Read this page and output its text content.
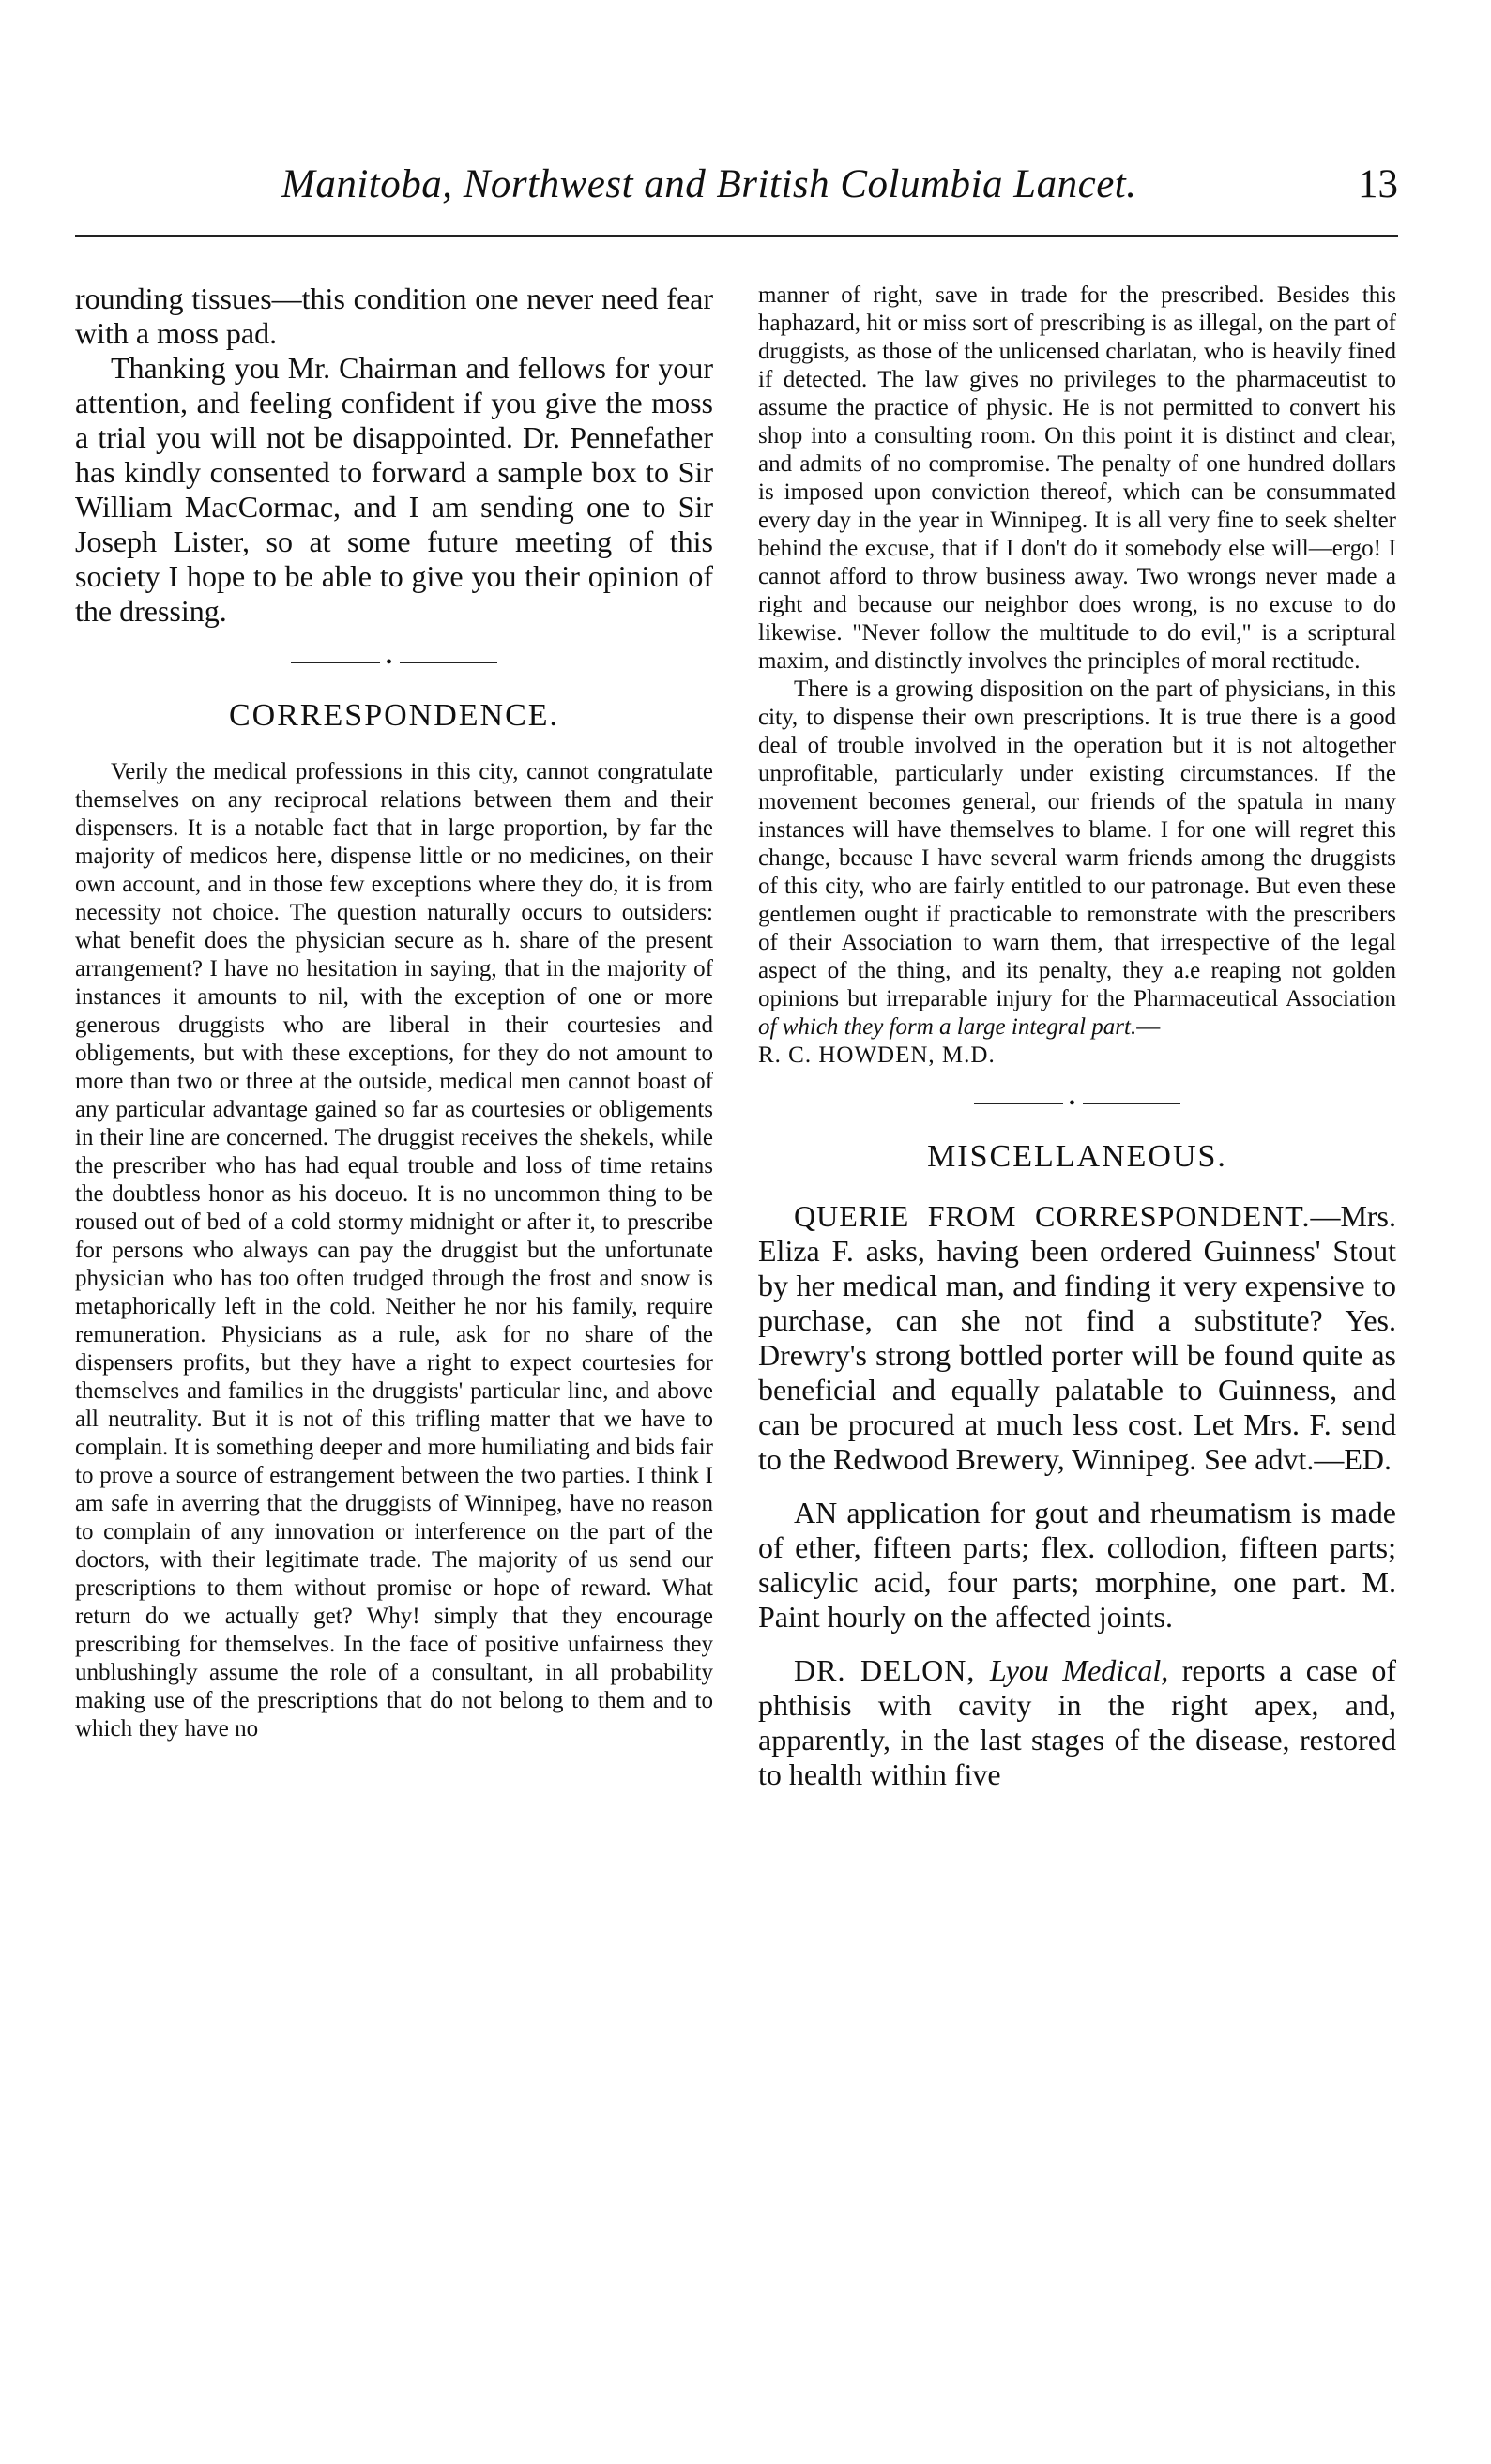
Manitoba, Northwest and British Columbia Lancet.	13

rounding tissues—this condition one never need fear with a moss pad.

Thanking you Mr. Chairman and fellows for your attention, and feeling confident if you give the moss a trial you will not be disappointed. Dr. Pennefather has kindly consented to forward a sample box to Sir William MacCormac, and I am sending one to Sir Joseph Lister, so at some future meeting of this society I hope to be able to give you their opinion of the dressing.

•
CORRESPONDENCE.

Verily the medical professions in this city, cannot congratulate themselves on any reciprocal relations between them and their dispensers. It is a notable fact that in large proportion, by far the majority of medicos here, dispense little or no medicines, on their own account, and in those few exceptions where they do, it is from necessity not choice. The question naturally occurs to outsiders: what benefit does the physician secure as h. share of the present arrangement? I have no hesitation in saying, that in the majority of instances it amounts to nil, with the exception of one or more generous druggists who are liberal in their courtesies and obligements, but with these exceptions, for they do not amount to more than two or three at the outside, medical men cannot boast of any particular advantage gained so far as courtesies or obligements in their line are concerned. The druggist receives the shekels, while the prescriber who has had equal trouble and loss of time retains the doubtless honor as his doceuo. It is no uncommon thing to be roused out of bed of a cold stormy midnight or after it, to prescribe for persons who always can pay the druggist but the unfortunate physician who has too often trudged through the frost and snow is metaphorically left in the cold. Neither he nor his family, require remuneration. Physicians as a rule, ask for no share of the dispensers profits, but they have a right to expect courtesies for themselves and families in the druggists' particular line, and above all neutrality. But it is not of this trifling matter that we have to complain. It is something deeper and more humiliating and bids fair to prove a source of estrangement between the two parties. I think I am safe in averring that the druggists of Winnipeg, have no reason to complain of any innovation or interference on the part of the doctors, with their legitimate trade. The majority of us send our prescriptions to them without promise or hope of reward. What return do we actually get? Why! simply that they encourage prescribing for themselves. In the face of positive unfairness they unblushingly assume the role of a consultant, in all probability making use of the prescriptions that do not belong to them and to which they have no

manner of right, save in trade for the prescribed. Besides this haphazard, hit or miss sort of prescribing is as illegal, on the part of druggists, as those of the unlicensed charlatan, who is heavily fined if detected. The law gives no privileges to the pharmaceutist to assume the practice of physic. He is not permitted to convert his shop into a consulting room. On this point it is distinct and clear, and admits of no compromise. The penalty of one hundred dollars is imposed upon conviction thereof, which can be consummated every day in the year in Winnipeg. It is all very fine to seek shelter behind the excuse, that if I don't do it somebody else will—ergo! I cannot afford to throw business away. Two wrongs never made a right and because our neighbor does wrong, is no excuse to do likewise. "Never follow the multitude to do evil," is a scriptural maxim, and distinctly involves the principles of moral rectitude.

There is a growing disposition on the part of physicians, in this city, to dispense their own prescriptions. It is true there is a good deal of trouble involved in the operation but it is not altogether unprofitable, particularly under existing circumstances. If the movement becomes general, our friends of the spatula in many instances will have themselves to blame. I for one will regret this change, because I have several warm friends among the druggists of this city, who are fairly entitled to our patronage. But even these gentlemen ought if practicable to remonstrate with the prescribers of their Association to warn them, that irrespective of the legal aspect of the thing, and its penalty, they a.e reaping not golden opinions but irreparable injury for the Pharmaceutical Association of which they form a large integral part.—

R. C. HOWDEN, M.D.

•
MISCELLANEOUS.

QUERIE FROM CORRESPONDENT.—Mrs. Eliza F. asks, having been ordered Guinness' Stout by her medical man, and finding it very expensive to purchase, can she not find a substitute? Yes. Drewry's strong bottled porter will be found quite as beneficial and equally palatable to Guinness, and can be procured at much less cost. Let Mrs. F. send to the Redwood Brewery, Winnipeg. See advt.—ED.

AN application for gout and rheumatism is made of ether, fifteen parts; flex. collodion, fifteen parts; salicylic acid, four parts; morphine, one part. M. Paint hourly on the affected joints.

DR. DELON, Lyou Medical, reports a case of phthisis with cavity in the right apex, and, apparently, in the last stages of the disease, restored to health within five
